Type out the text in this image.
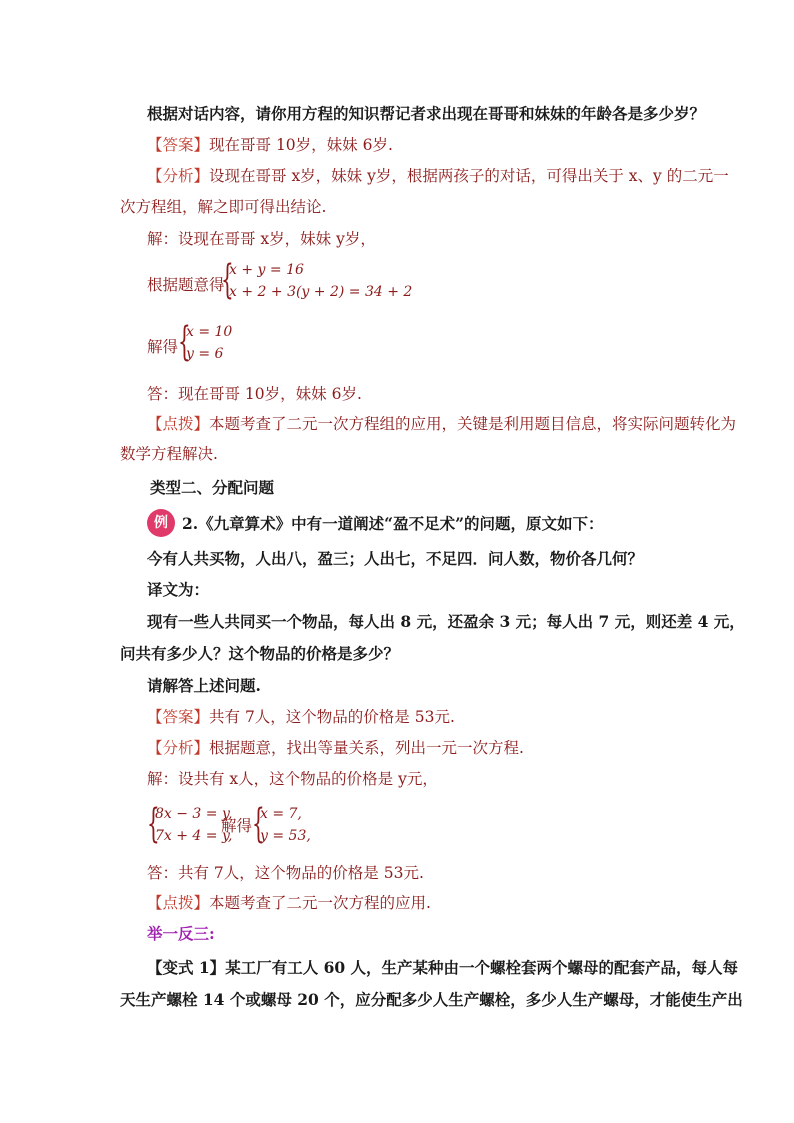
根据对话内容，请你用方程的知识帮记者求出现在哥哥和妹妹的年龄各是多少岁？
【答案】现在哥哥 10岁，妹妹 6岁.
【分析】设现在哥哥 x岁，妹妹 y岁，根据两孩子的对话，可得出关于 x、y 的二元一
次方程组，解之即可得出结论.
解：设现在哥哥 x岁，妹妹 y岁，
根据题意得
{
x + y = 16
x + 2 + 3(y + 2) = 34 + 2
解得 {
x = 10
y = 6
答：现在哥哥 10岁，妹妹 6岁.
【点拨】本题考查了二元一次方程组的应用，关键是利用题目信息，将实际问题转化为
数学方程解决.
类型二、分配问题
例 2.《九章算术》中有一道阐述“盈不足术”的问题，原文如下：
今有人共买物，人出八，盈三；人出七，不足四．问人数，物价各几何？
译文为：
现有一些人共同买一个物品，每人出 8 元，还盈余 3 元；每人出 7 元，则还差 4 元，
问共有多少人？这个物品的价格是多少？
请解答上述问题.
【答案】共有 7人，这个物品的价格是 53元.
【分析】根据题意，找出等量关系，列出一元一次方程.
解：设共有 x人，这个物品的价格是 y元，
{
8x − 3 = y,
7x + 4 = y,
解得 {
x = 7,
y = 53,
答：共有 7人，这个物品的价格是 53元.
【点拨】本题考查了二元一次方程的应用.
举一反三:
【变式 1】某工厂有工人 60 人，生产某种由一个螺栓套两个螺母的配套产品，每人每
天生产螺栓 14 个或螺母 20 个，应分配多少人生产螺栓，多少人生产螺母，才能使生产出
